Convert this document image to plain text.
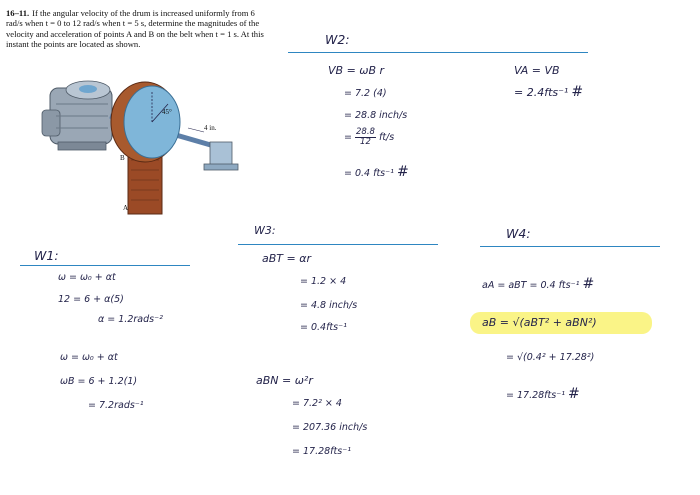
16–11. If the angular velocity of the drum is increased uniformly from 6 rad/s when t = 0 to 12 rad/s when t = 5 s, determine the magnitudes of the velocity and acceleration of points A and B on the belt when t = 1 s. At this instant the points are located as shown.
45°
4 in.
B
A
W2:
VB = ωB r
= 7.2 (4)
= 28.8 inch/s
= $\frac{28.8}{12} ft/s$
= 0.4 fts⁻¹ #
VA = VB
= 2.4fts⁻¹ #
W1:
ω = ω₀ + αt
12 = 6 + α(5)
α = 1.2rads⁻²
ω = ω₀ + αt
ωB = 6 + 1.2(1)
= 7.2rads⁻¹
W3:
aBT = αr
= 1.2 × 4
= 4.8 inch/s
= 0.4fts⁻¹
aBN = ω²r
= 7.2² × 4
= 207.36 inch/s
= 17.28fts⁻¹
W4:
aA = aBT = 0.4 fts⁻¹ #
aB = √(aBT² + aBN²)
= √(0.4² + 17.28²)
= 17.28fts⁻¹ #
